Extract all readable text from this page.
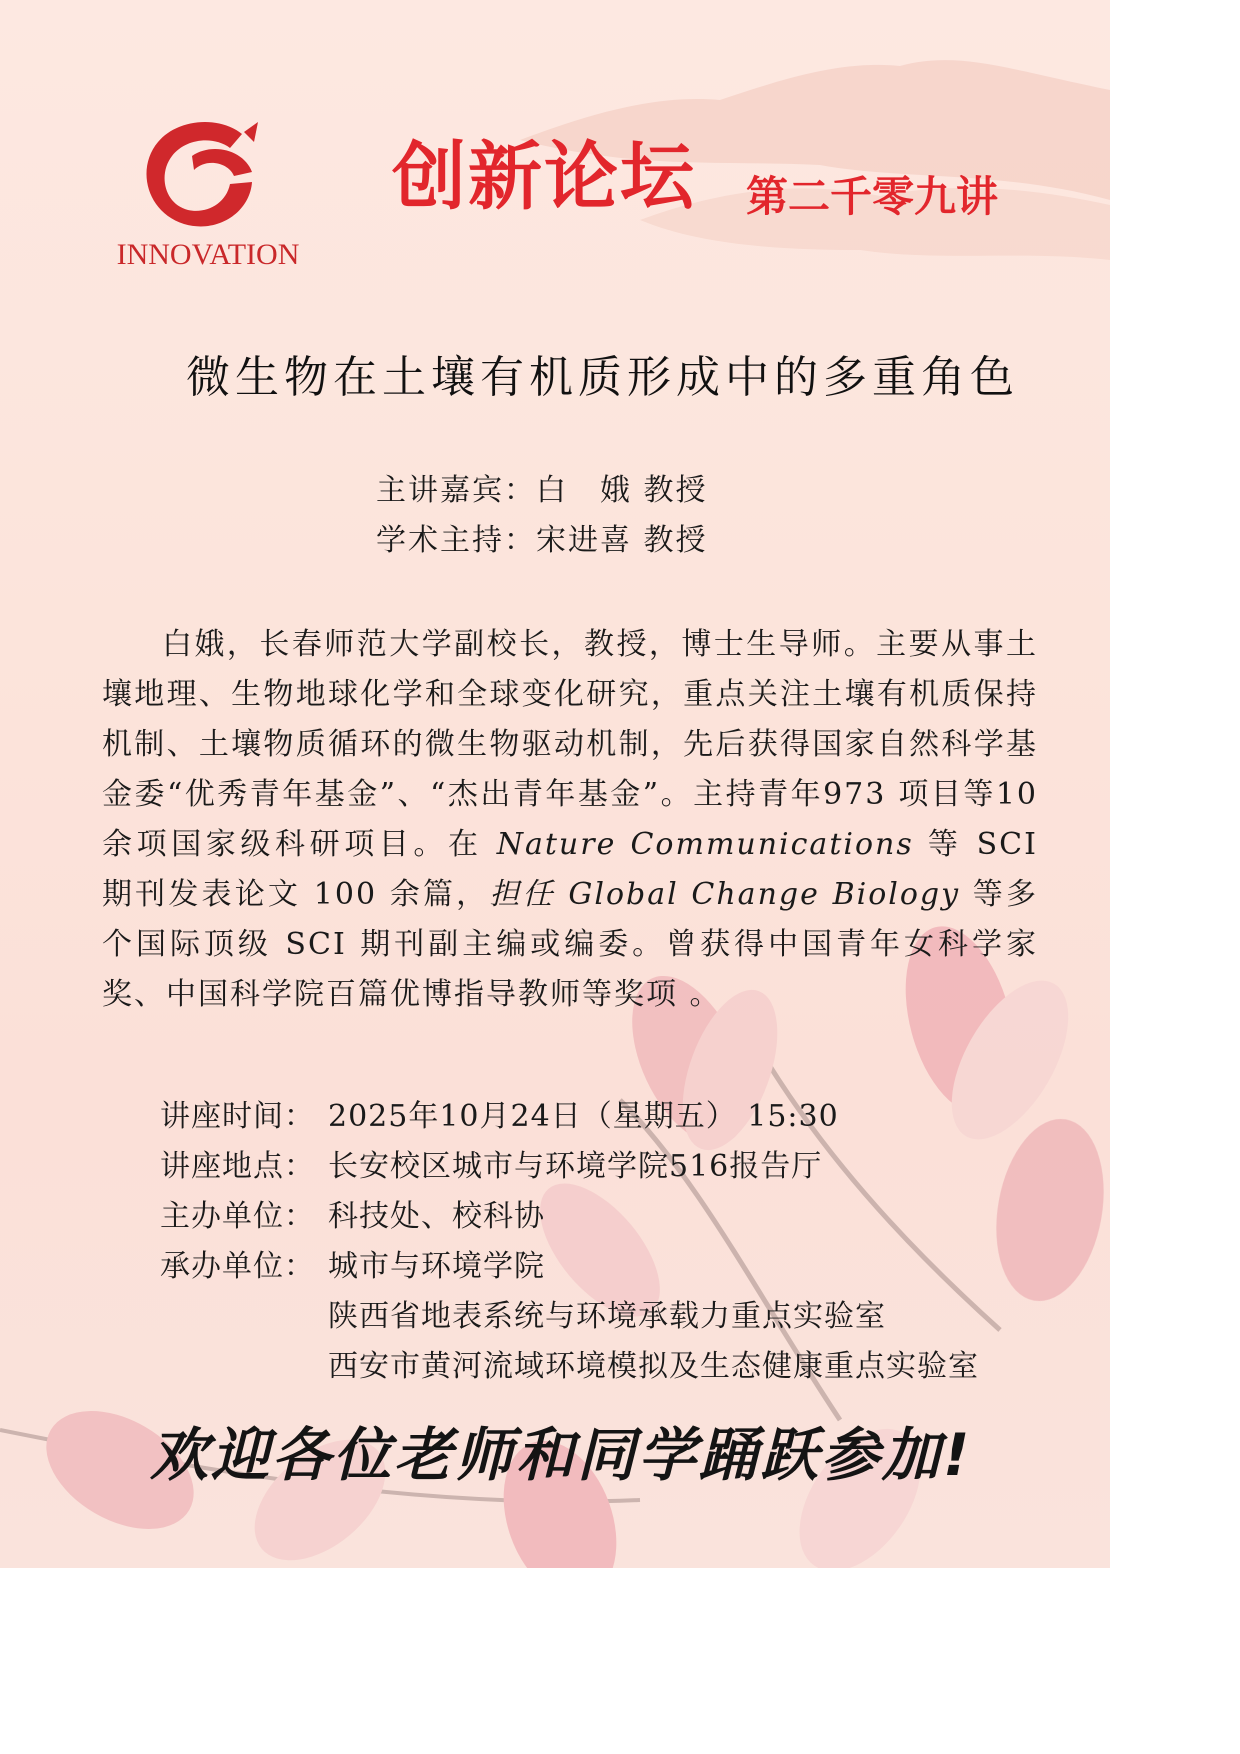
INNOVATION
创新论坛 第二千零九讲
微生物在土壤有机质形成中的多重角色
主讲嘉宾：白　娥 教授
学术主持：宋进喜 教授

白娥，长春师范大学副校长，教授，博士生导师。主要从事土壤地理、生物地球化学和全球变化研究，重点关注土壤有机质保持机制、土壤物质循环的微生物驱动机制，先后获得国家自然科学基金委“优秀青年基金”、“杰出青年基金”。主持青年973 项目等10余项国家级科研项目。在 Nature Communications 等 SCI 期刊发表论文 100 余篇，担任 Global Change Biology 等多个国际顶级 SCI 期刊副主编或编委。曾获得中国青年女科学家奖、中国科学院百篇优博指导教师等奖项 。

讲座时间： 2025年10月24日（星期五） 15:30
讲座地点： 长安校区城市与环境学院516报告厅
主办单位： 科技处、校科协
承办单位： 城市与环境学院
陕西省地表系统与环境承载力重点实验室
西安市黄河流域环境模拟及生态健康重点实验室
欢迎各位老师和同学踊跃参加!
